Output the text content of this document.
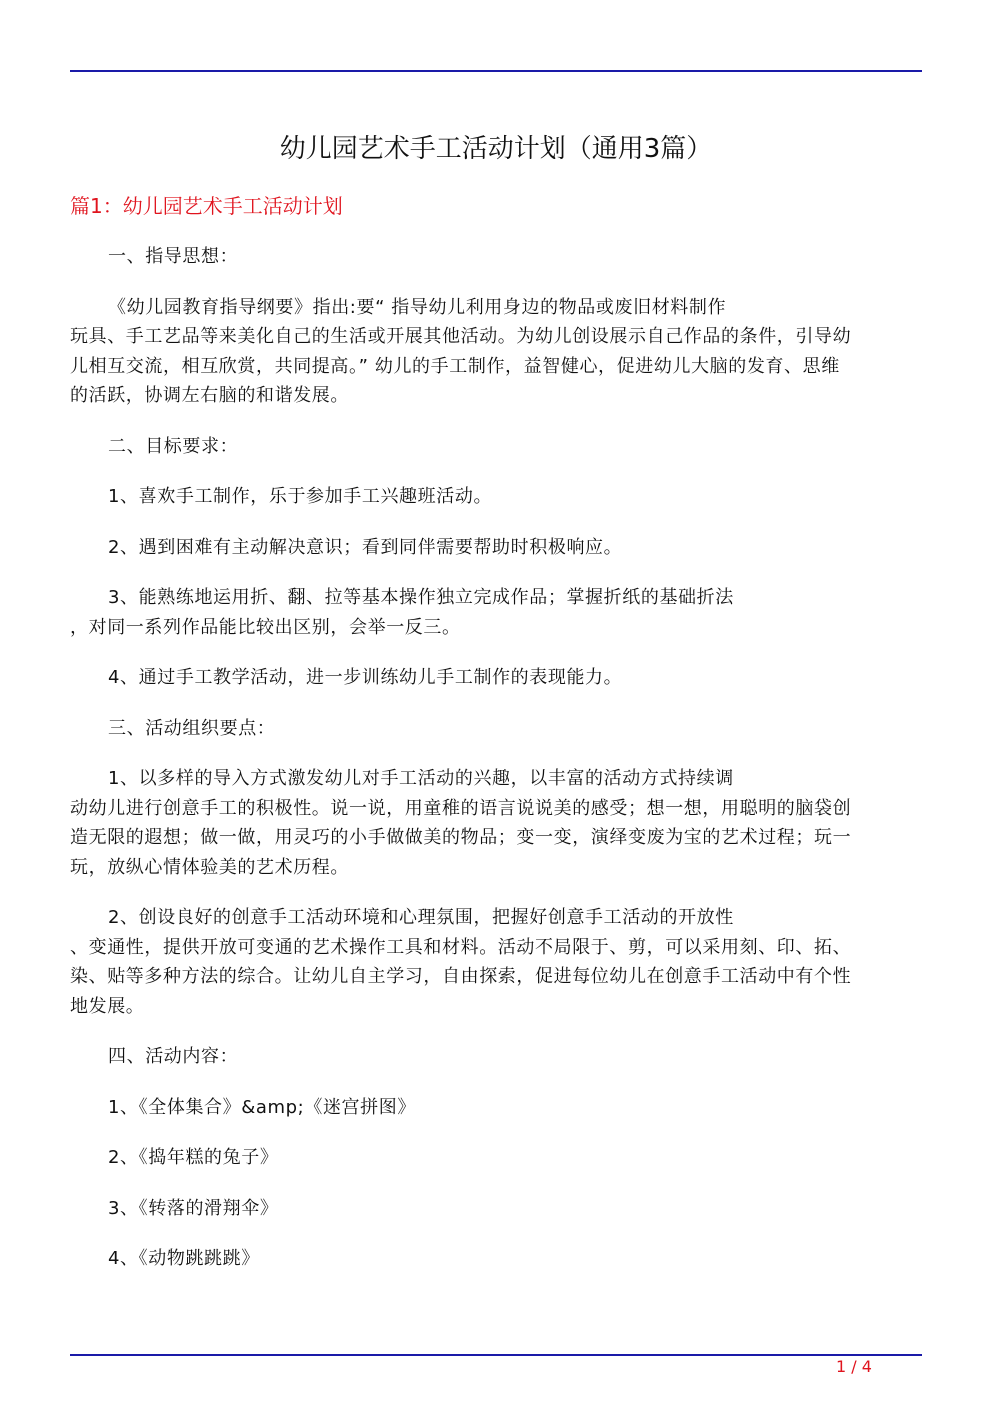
幼儿园艺术手工活动计划（通用3篇）
篇1：幼儿园艺术手工活动计划
一、指导思想：
《幼儿园教育指导纲要》指出:要“ 指导幼儿利用身边的物品或废旧材料制作
玩具、手工艺品等来美化自己的生活或开展其他活动。为幼儿创设展示自己作品的条件，引导幼
儿相互交流，相互欣赏，共同提高。” 幼儿的手工制作，益智健心，促进幼儿大脑的发育、思维
的活跃，协调左右脑的和谐发展。
二、目标要求：
1、喜欢手工制作，乐于参加手工兴趣班活动。
2、遇到困难有主动解决意识；看到同伴需要帮助时积极响应。
3、能熟练地运用折、翻、拉等基本操作独立完成作品；掌握折纸的基础折法
，对同一系列作品能比较出区别，会举一反三。
4、通过手工教学活动，进一步训练幼儿手工制作的表现能力。
三、活动组织要点：
1、以多样的导入方式激发幼儿对手工活动的兴趣，以丰富的活动方式持续调
动幼儿进行创意手工的积极性。说一说，用童稚的语言说说美的感受；想一想，用聪明的脑袋创
造无限的遐想；做一做，用灵巧的小手做做美的物品；变一变，演绎变废为宝的艺术过程；玩一
玩，放纵心情体验美的艺术历程。
2、创设良好的创意手工活动环境和心理氛围，把握好创意手工活动的开放性
、变通性，提供开放可变通的艺术操作工具和材料。活动不局限于、剪，可以采用刻、印、拓、
染、贴等多种方法的综合。让幼儿自主学习，自由探索，促进每位幼儿在创意手工活动中有个性
地发展。
四、活动内容：
1、《全体集合》&amp;《迷宫拼图》
2、《捣年糕的兔子》
3、《转落的滑翔伞》
4、《动物跳跳跳》
1 / 4
